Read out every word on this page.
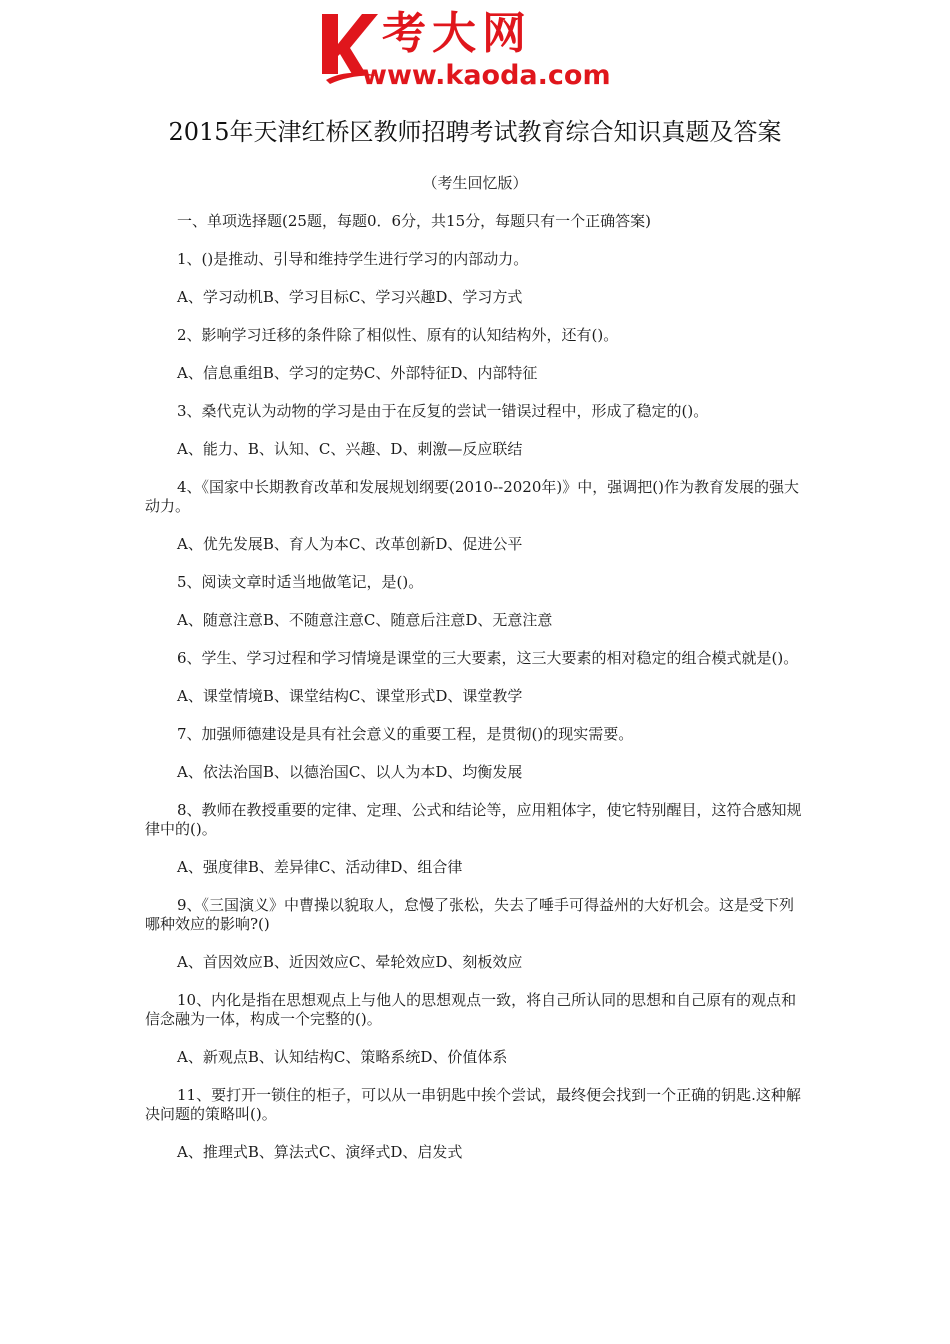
考大网
www.kaoda.com
2015年天津红桥区教师招聘考试教育综合知识真题及答案
（考生回忆版）

一、单项选择题(25题，每题0．6分，共15分，每题只有一个正确答案)

1、()是推动、引导和维持学生进行学习的内部动力。

A、学习动机B、学习目标C、学习兴趣D、学习方式

2、影响学习迁移的条件除了相似性、原有的认知结构外，还有()。

A、信息重组B、学习的定势C、外部特征D、内部特征

3、桑代克认为动物的学习是由于在反复的尝试一错误过程中，形成了稳定的()。

A、能力、B、认知、C、兴趣、D、刺激—反应联结

4、《国家中长期教育改革和发展规划纲要(2010--2020年)》中，强调把()作为教育发展的强大动力。

A、优先发展B、育人为本C、改革创新D、促进公平

5、阅读文章时适当地做笔记，是()。

A、随意注意B、不随意注意C、随意后注意D、无意注意

6、学生、学习过程和学习情境是课堂的三大要素，这三大要素的相对稳定的组合模式就是()。

A、课堂情境B、课堂结构C、课堂形式D、课堂教学

7、加强师德建设是具有社会意义的重要工程，是贯彻()的现实需要。

A、依法治国B、以德治国C、以人为本D、均衡发展

8、教师在教授重要的定律、定理、公式和结论等，应用粗体字，使它特别醒目，这符合感知规律中的()。

A、强度律B、差异律C、活动律D、组合律

9、《三国演义》中曹操以貌取人，怠慢了张松，失去了唾手可得益州的大好机会。这是受下列哪种效应的影响?()

A、首因效应B、近因效应C、晕轮效应D、刻板效应

10、内化是指在思想观点上与他人的思想观点一致，将自己所认同的思想和自己原有的观点和信念融为一体，构成一个完整的()。

A、新观点B、认知结构C、策略系统D、价值体系

11、要打开一锁住的柜子，可以从一串钥匙中挨个尝试，最终便会找到一个正确的钥匙.这种解决问题的策略叫()。

A、推理式B、算法式C、演绎式D、启发式
